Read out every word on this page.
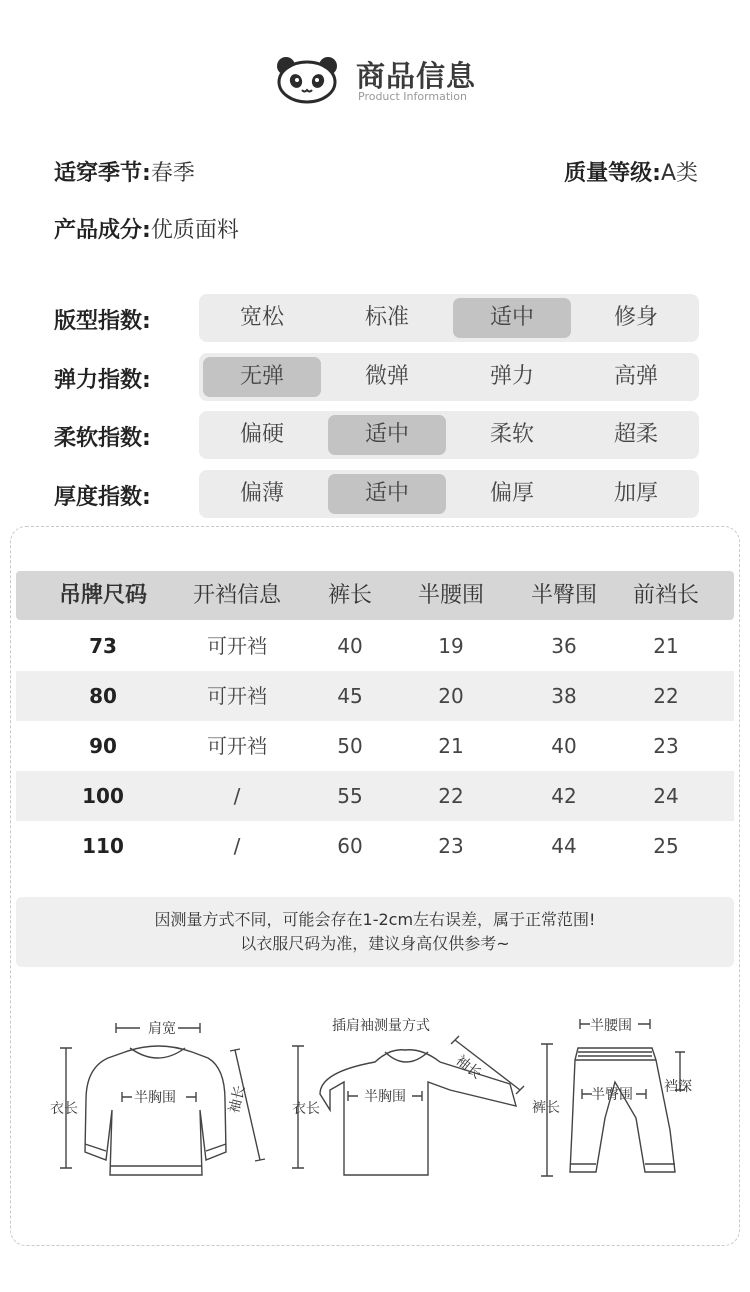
商品信息
Product Information
适穿季节:春季	质量等级:A类
产品成分:优质面料
版型指数:	宽松	标准	适中	修身
弹力指数:	无弹	微弹	弹力	高弹
柔软指数:	偏硬	适中	柔软	超柔
厚度指数:	偏薄	适中	偏厚	加厚
吊牌尺码	开裆信息	裤长	半腰围	半臀围	前裆长
73	可开裆	40	19	36	21
80	可开裆	45	20	38	22
90	可开裆	50	21	40	23
100	/	55	22	42	24
110	/	60	23	44	25
因测量方式不同，可能会存在1-2cm左右误差，属于正常范围!
以衣服尺码为准，建议身高仅供参考~
肩宽
半胸围
衣长	袖长
插肩袖测量方式
半胸围
衣长
袖长
半腰围
半臀围
裤长
裆深
